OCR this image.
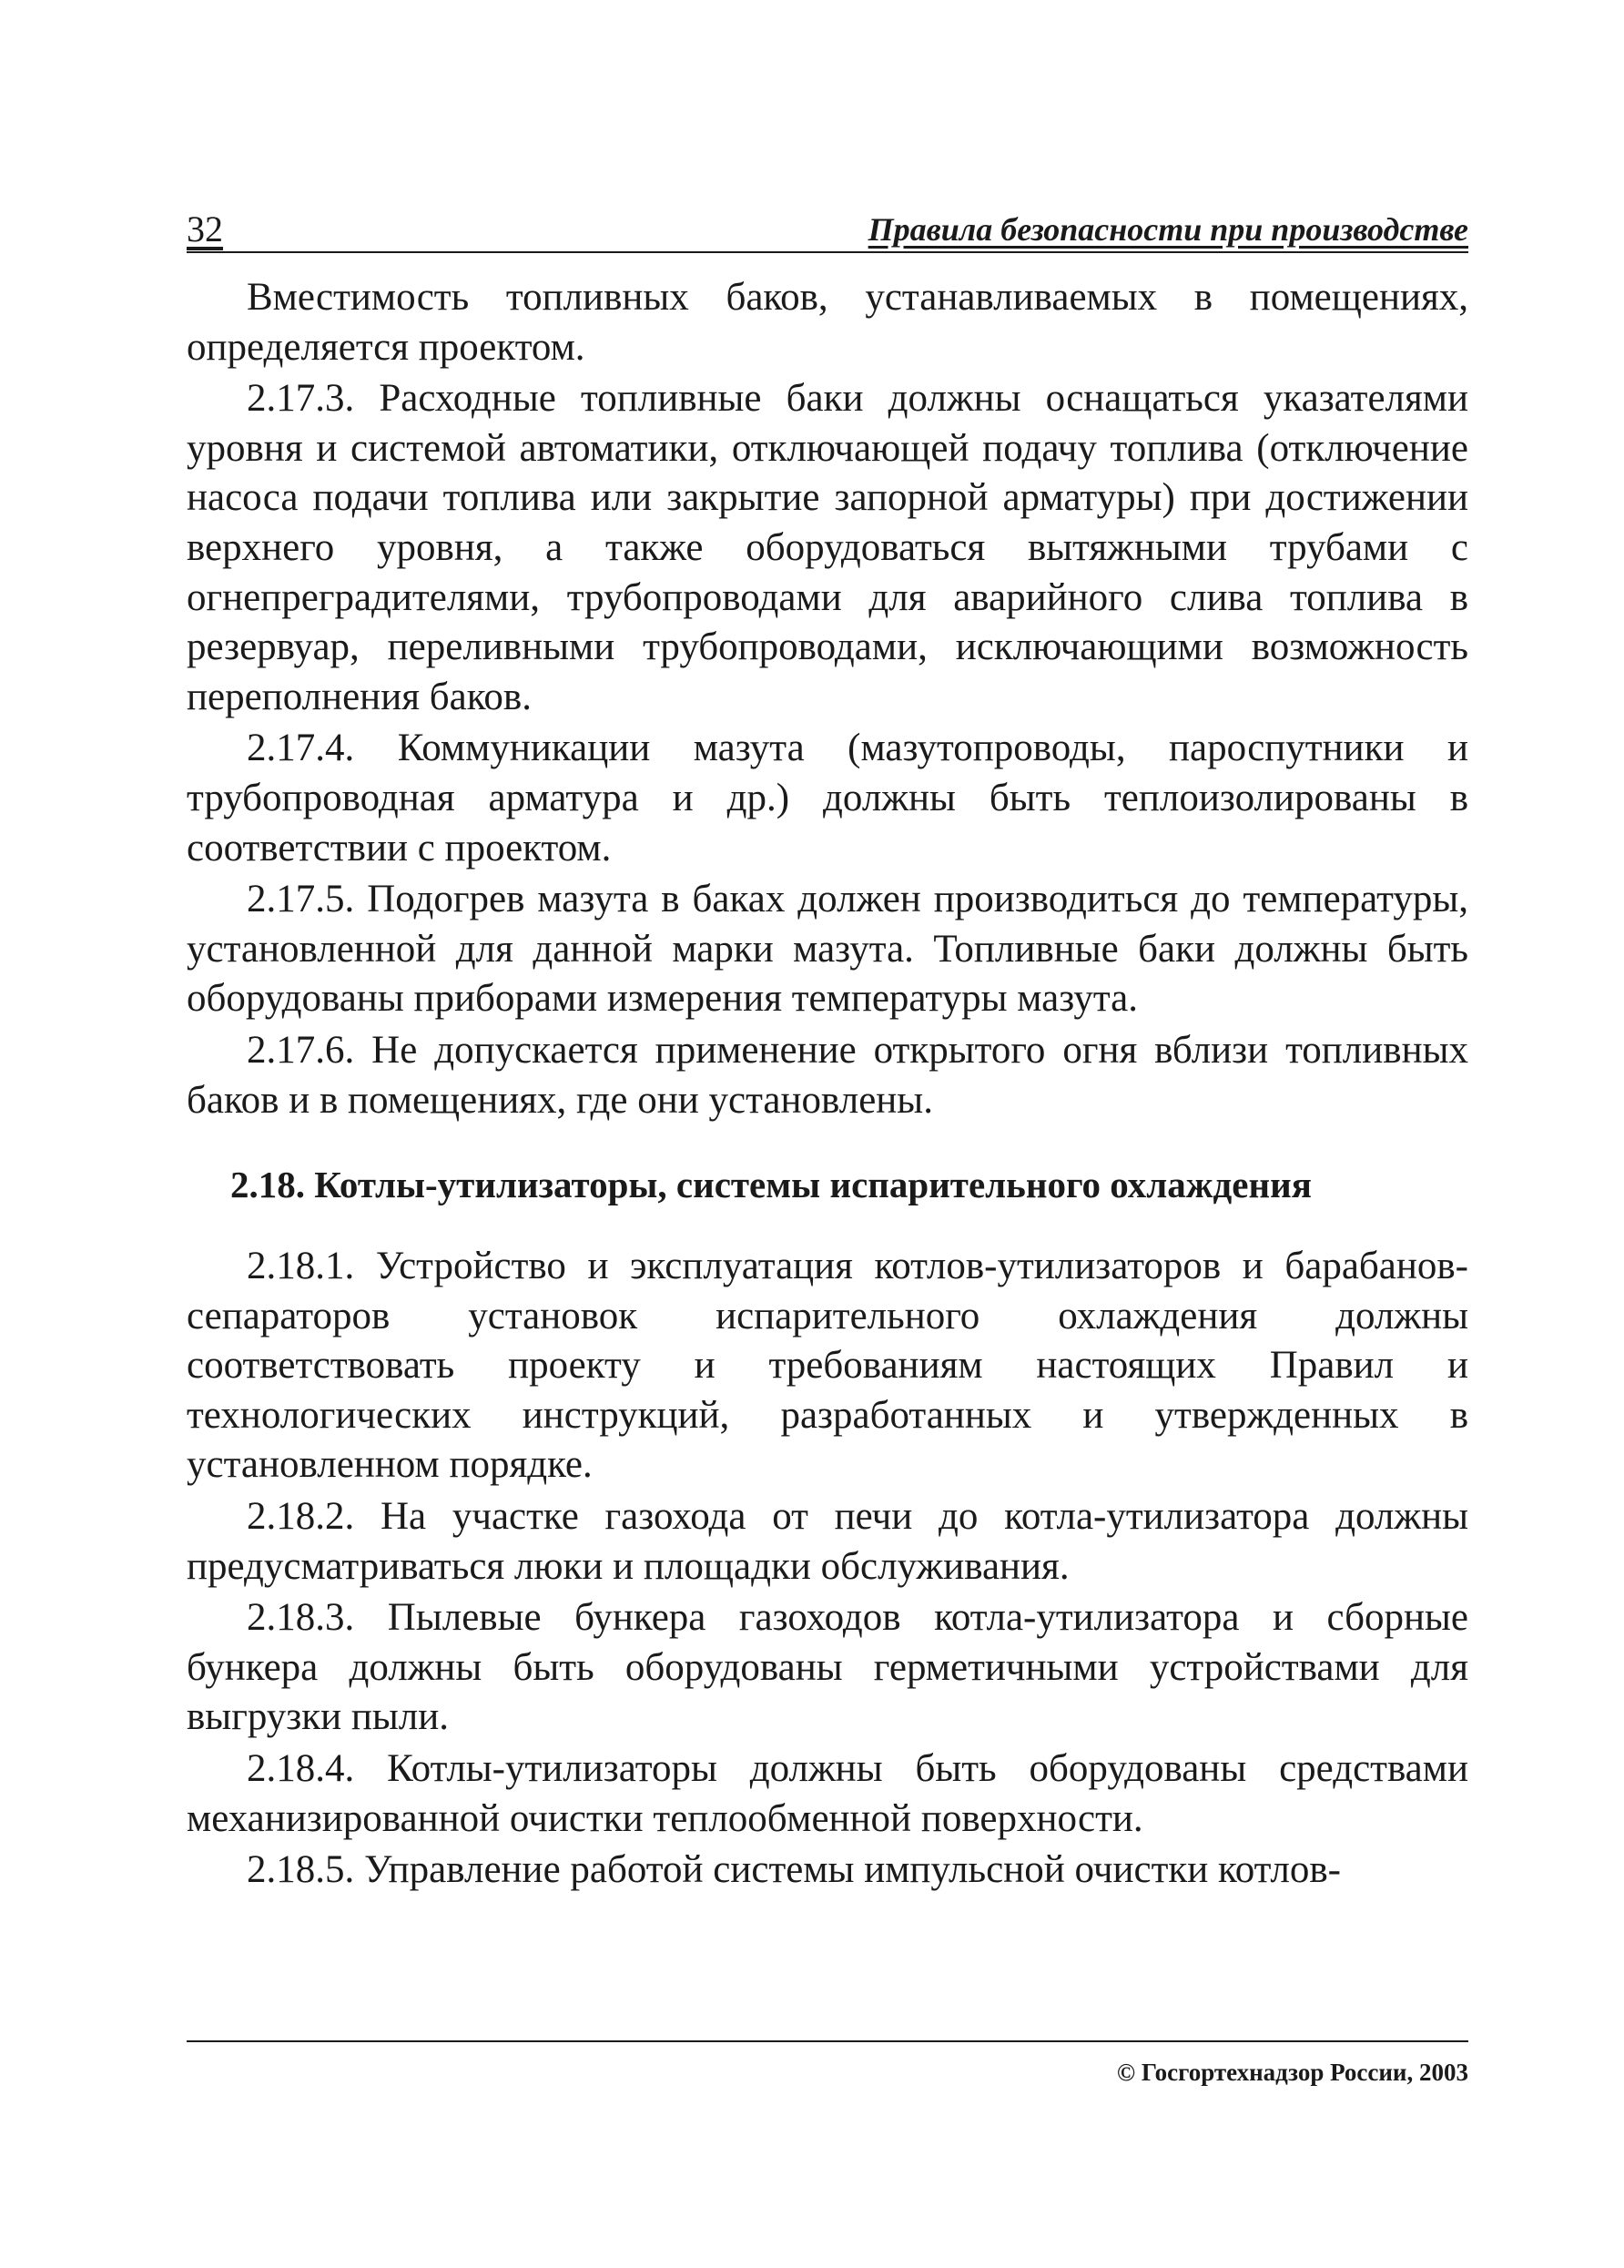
32	Правила безопасности при производстве

Вместимость топливных баков, устанавливаемых в помещениях, определяется проектом.

2.17.3. Расходные топливные баки должны оснащаться указателями уровня и системой автоматики, отключающей подачу топлива (отключение насоса подачи топлива или закрытие запорной арматуры) при достижении верхнего уровня, а также оборудоваться вытяжными трубами с огнепреградителями, трубопроводами для аварийного слива топлива в резервуар, переливными трубопроводами, исключающими возможность переполнения баков.

2.17.4. Коммуникации мазута (мазутопроводы, пароспутники и трубопроводная арматура и др.) должны быть теплоизолированы в соответствии с проектом.

2.17.5. Подогрев мазута в баках должен производиться до температуры, установленной для данной марки мазута. Топливные баки должны быть оборудованы приборами измерения температуры мазута.

2.17.6. Не допускается применение открытого огня вблизи топливных баков и в помещениях, где они установлены.

2.18. Котлы-утилизаторы, системы испарительного охлаждения

2.18.1. Устройство и эксплуатация котлов-утилизаторов и барабанов-сепараторов установок испарительного охлаждения должны соответствовать проекту и требованиям настоящих Правил и технологических инструкций, разработанных и утвержденных в установленном порядке.

2.18.2. На участке газохода от печи до котла-утилизатора должны предусматриваться люки и площадки обслуживания.

2.18.3. Пылевые бункера газоходов котла-утилизатора и сборные бункера должны быть оборудованы герметичными устройствами для выгрузки пыли.

2.18.4. Котлы-утилизаторы должны быть оборудованы средствами механизированной очистки теплообменной поверхности.

2.18.5. Управление работой системы импульсной очистки котлов-

© Госгортехнадзор России, 2003
